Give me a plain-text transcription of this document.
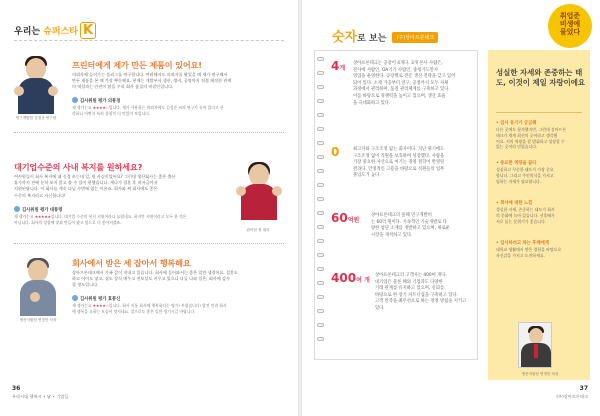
우리는 슈퍼스타 K
연구개발팀 김경준 연구원
프린터에게 제가 만든 제품이 있어요!
의뢰자에 들어가는 플러그를 연구합니다. 여러해서도 의뢰자를 봤었을 때 제가 연구해서
만든 제품을 본 때 가장 뿌듯해요. 현재는 개발부서 생산, 생비, 공명까지 직접 제작한 관계
의 역할과는 안전이 많을 우리 회사 품질의 비결인입니다.
김사위원 평가 의통칭
제 생가는요 ★★★★☆입니다. 제가 사용하는 의뢰자에도 김성준 씨의 연구가 녹아 있다고 산
각하니 어쩐지 특히 경험적 더 멋있어 보입니다.
대기업수준의 사내 복지를 원하세요?
여사원들이 회사 복지에 대 신경 쓰는데 일, 원 사실이었어요? 그런데 생산회사는 좋은 출산
휴가까지 전에 눈치 보지 않고 쓸 수 있어 편했습니다. 게다가 결혼 후 학자금까지
지원된답니다. 이 회사를 계속 다닐 수밖에 없는 이유죠. 회사와 써 회사에도 좋은
수준의 복지라고 자신합니다!
관리팀 정 대리
김사위원 평가 대통령
제 생가는요 ★★★★★입니다. 대기업 수준의 복지 지원이라니 놀랍네요. 하지만 지원이라고 모두 한 것은
아닙니다. 회사의 성장에 맞춰 만들어 왔고 앞으로 더 좋아지겠죠.
생산지원팀 연경만 차장
회사에서 받은 세 잡아서 행복해요
상아프론테크에서 가족 같이 지내고 있습니다. 회사에 들어와서는 좋은 일만 생겼어요. 결혼도
하고 아이도 낳고, 집도 장식 매우고 전보상도 키우고 있으니 다들 나와 일은, 회사에 감사
할 정도입니다.
김사위원 평가 효통신
제 생가는요 ★★★★☆입니다. 회사 서통 회사에 행복하다는 평가! 부럽습니다! 발전 안과 회사
에 생복을 유하는 모습이 멋지네요. 앞으로도 좋은 일만 생기시길 바랍니다.
36
우리시대 행복시 ∙ 남 ∙ 기업들
숫자로 보는 (주)상아프론테크
취업준
비생에
물었다
4개
상아프론테크는 공장이 4개다. 3개 본사 사람은,
전사에 사람인, OA기기 사람인, 충청기도만자
영업을 운영한다. 공장별로 전문 생산 전략을 갖고 있어
되어 있다. 소재 가공부터 연구, 공정까지 모두 자체
과정에서 관리하며, 품질 관리체계를 구축하고 있다.
이를 바탕으로 경쟁력을 높이고 있으며, 생산 효율
을 극대화하고 있다.
0	최고자와 구조조정 없는 회사이다. 지난 위기에도
구조조정 없이 직원을 보호하며 성장했다. 사람을
가장 중요한 자산으로 여기는 경영 철학이 반영된
결과다. 안정적인 고용을 바탕으로 직원들의 업무
몰입도가 높다.
60억원
상아프론테크의 올해 연구개발비
는 60억 원이다. 지속적인 기술개발로 다
양한 첨단 소재를 개발하고 있으며, 새로운
시장을 개척하고 있다.
400여 개
상아프론테크의 고객사는 400여 개다.
대기업은 물론 해외 기업과도 다양한
거래 관계를 유지하고 있으며, 신뢰를
바탕으로 한 장기 파트너십을 구축하고 있다.
고객 만족을 최우선으로 하는 경영 방침을 지키고
있다.
성실한 자세와 존중하는 태도, 이것이 제일 자랑이에요
• 입사 동기가 궁금해
다른 곳에도 합격했지만, 그런데 상아프론
테크가 제게 최선의 곳이라고 생각했
어요. 저의 역량을 잘 발휘하고 성장할 수
있는 곳이라 믿었습니다.
• 중요한 역량을 꼽다
성실하고 꾸준한 태도가 가장 중요
합니다. 그리고 주인의식을 가지고
임하는 자세가 필요합니다.
• 회사에 대한 느낌
성실한 자세, 존중하는 태도가 회사
의 문화에 녹아 있습니다. 선후배가
서로 돕는 분위기가 좋습니다.
• 입사하려고 하는 후배에게
대학교 생활에서 쌓은 경험을 바탕으로
자신감을 가지고 도전하세요.
생산지원팀 연경만 차장
37
(주)상아프론테크
